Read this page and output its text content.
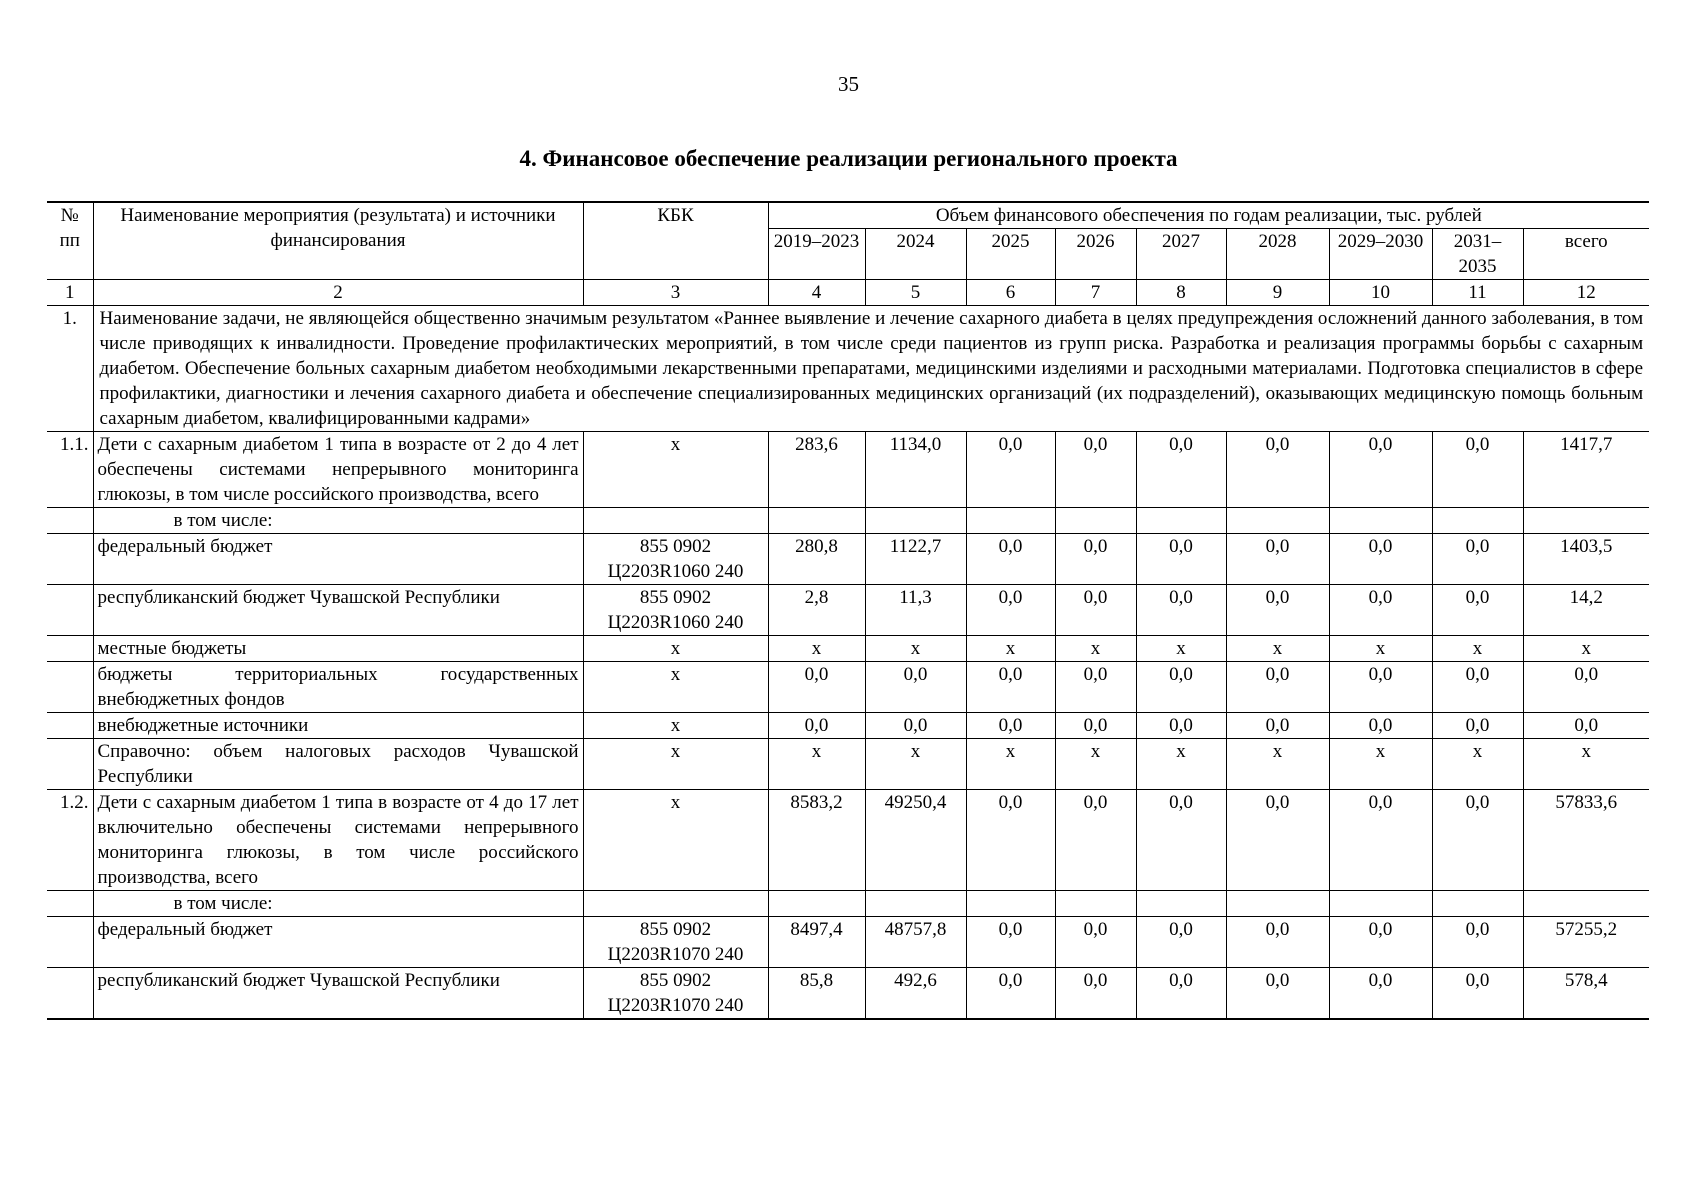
35
4. Финансовое обеспечение реализации регионального проекта
№ пп	Наименование мероприятия (результата) и источники финансирования	КБК	Объем финансового обеспечения по годам реализации, тыс. рублей								
			2019–2023	2024	2025	2026	2027	2028	2029–2030	2031–2035	всего
1	2	3	4	5	6	7	8	9	10	11	12
1.	Наименование задачи, не являющейся общественно значимым результатом «Раннее выявление и лечение сахарного диабета в целях предупреждения осложнений данного заболевания, в том числе приводящих к инвалидности. Проведение профилактических мероприятий, в том числе среди пациентов из групп риска. Разработка и реализация программы борьбы с сахарным диабетом. Обеспечение больных сахарным диабетом необходимыми лекарственными препаратами, медицинскими изделиями и расходными материалами. Подготовка специалистов в сфере профилактики, диагностики и лечения сахарного диабета и обеспечение специализированных медицинских организаций (их подразделений), оказывающих медицинскую помощь больным сахарным диабетом, квалифицированными кадрами»										
1.1.	Дети с сахарным диабетом 1 типа в возрасте от 2 до 4 лет обеспечены системами непрерывного мониторинга глюкозы, в том числе российского производства, всего	x	283,6	1134,0	0,0	0,0	0,0	0,0	0,0	0,0	1417,7
	в том числе:	

	федеральный бюджет	855 0902
Ц2203R1060 240	280,8	1122,7	0,0	0,0	0,0	0,0	0,0	0,0	1403,5
	республиканский бюджет Чувашской Республики	855 0902
Ц2203R1060 240	2,8	11,3	0,0	0,0	0,0	0,0	0,0	0,0	14,2
	местные бюджеты	x	x	x	x	x	x	x	x	x	x
	бюджеты территориальных государственных внебюджетных фондов	x	0,0	0,0	0,0	0,0	0,0	0,0	0,0	0,0	0,0
	внебюджетные источники	x	0,0	0,0	0,0	0,0	0,0	0,0	0,0	0,0	0,0
	Справочно: объем налоговых расходов Чувашской Республики	x	x	x	x	x	x	x	x	x	x
1.2.	Дети с сахарным диабетом 1 типа в возрасте от 4 до 17 лет включительно обеспечены системами непрерывного мониторинга глюкозы, в том числе российского производства, всего	x	8583,2	49250,4	0,0	0,0	0,0	0,0	0,0	0,0	57833,6
	в том числе:	

	федеральный бюджет	855 0902
Ц2203R1070 240	8497,4	48757,8	0,0	0,0	0,0	0,0	0,0	0,0	57255,2
	республиканский бюджет Чувашской Республики	855 0902
Ц2203R1070 240	85,8	492,6	0,0	0,0	0,0	0,0	0,0	0,0	578,4
